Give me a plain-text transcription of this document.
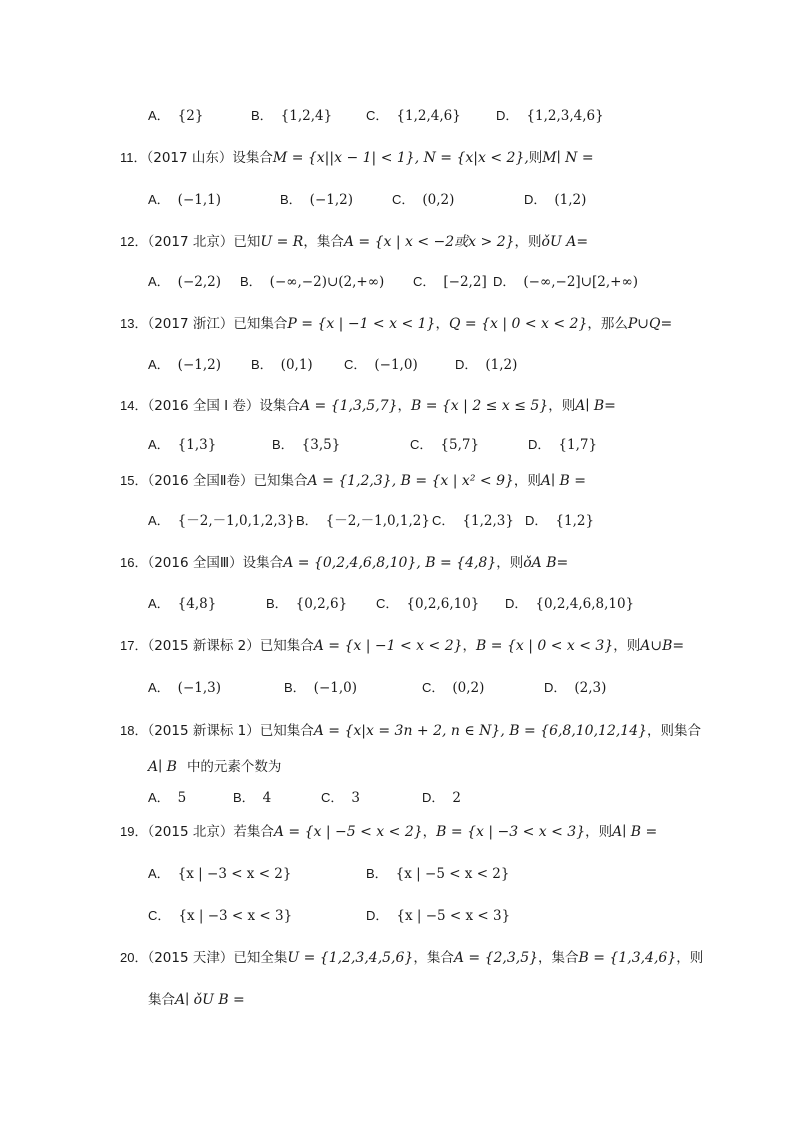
A． {2}	B． {1,2,4}	C． {1,2,4,6}	D． {1,2,3,4,6}
11．（2017 山东）设集合M = {x||x − 1| < 1}, N = {x|x < 2},则M∣ N =
A． (−1,1)	B． (−1,2)	C． (0,2)	D． (1,2)
12．（2017 北京）已知U = R，集合A = {x | x < −2或x > 2}，则ǒU A=
A． (−2,2) B． (−∞,−2)∪(2,+∞) C． [−2,2] D． (−∞,−2]∪[2,+∞)
13．（2017 浙江）已知集合P = {x | −1 < x < 1}，Q = {x | 0 < x < 2}，那么P∪Q=
A． (−1,2) B． (0,1) C． (−1,0)	D． (1,2)
14．（2016 全国 I 卷）设集合A = {1,3,5,7}，B = {x | 2 ≤ x ≤ 5}，则A∣ B=
A． {1,3}	B． {3,5}	C． {5,7}	D． {1,7}
15．（2016 全国Ⅱ卷）已知集合A = {1,2,3}, B = {x | x² < 9}，则A∣ B =
A． {－2,－1,0,1,2,3} B． {－2,－1,0,1,2} C． {1,2,3} D． {1,2}
16．（2016 全国Ⅲ）设集合A = {0,2,4,6,8,10}, B = {4,8}，则ǒA B=
A． {4,8}	B． {0,2,6} C． {0,2,6,10} D． {0,2,4,6,8,10}
17．（2015 新课标 2）已知集合A = {x | −1 < x < 2}，B = {x | 0 < x < 3}，则A∪B=
A． (−1,3)	B． (−1,0)	C． (0,2)	D． (2,3)
18．（2015 新课标 1）已知集合A = {x|x = 3n + 2, n ∈ N}, B = {6,8,10,12,14}，则集合
A∣ B 中的元素个数为
A． 5	B． 4	C． 3	D． 2
19．（2015 北京）若集合A = {x | −5 < x < 2}，B = {x | −3 < x < 3}，则A∣ B =
A． {x | −3 < x < 2}	B． {x | −5 < x < 2}
C． {x | −3 < x < 3}	D． {x | −5 < x < 3}
20．（2015 天津）已知全集U = {1,2,3,4,5,6}，集合A = {2,3,5}，集合B = {1,3,4,6}，则
集合A∣ ǒU B =
